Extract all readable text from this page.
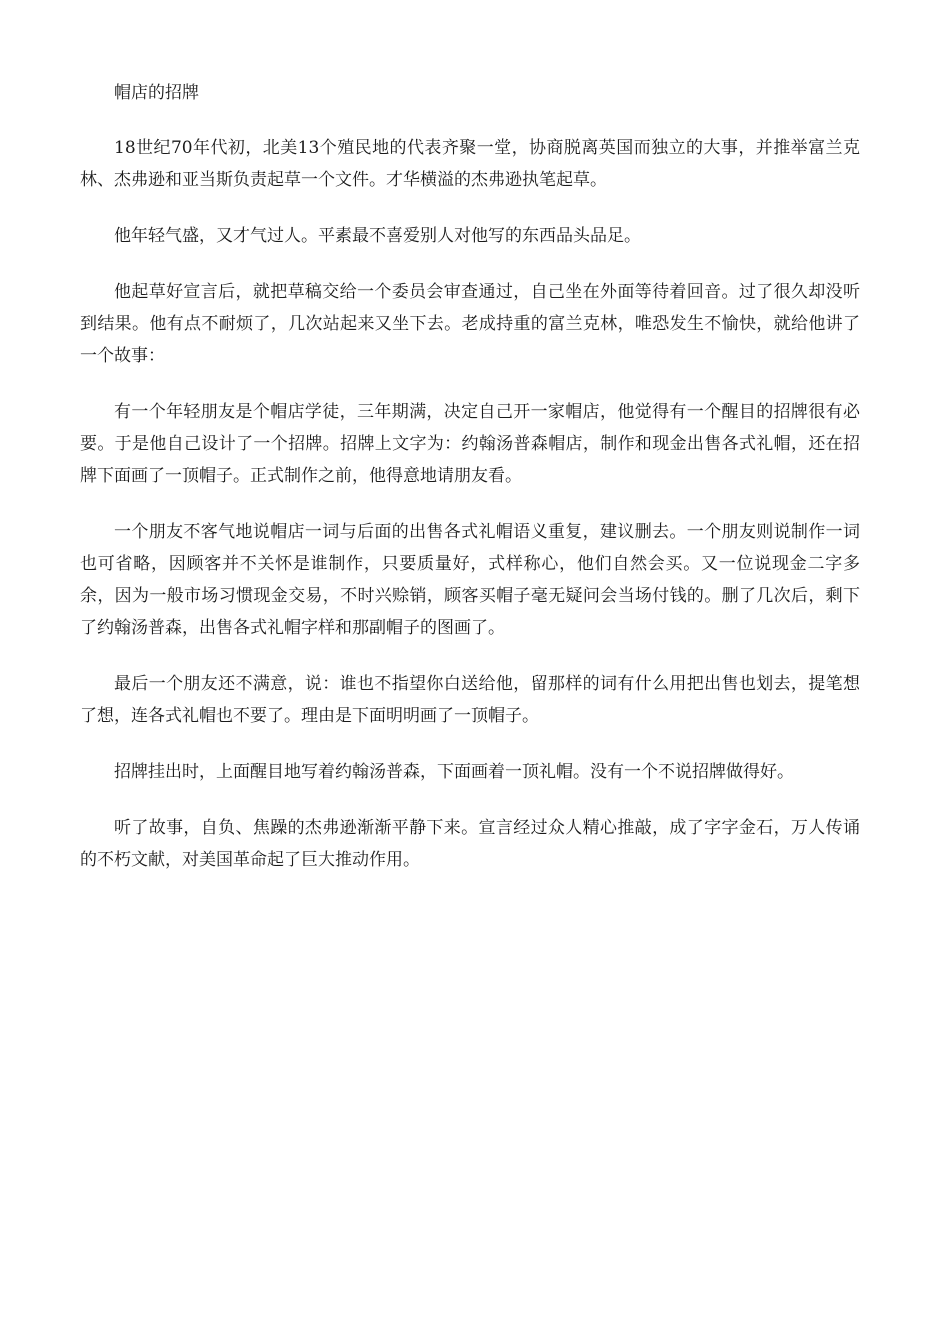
帽店的招牌

18世纪70年代初，北美13个殖民地的代表齐聚一堂，协商脱离英国而独立的大事，并推举富兰克林、杰弗逊和亚当斯负责起草一个文件。才华横溢的杰弗逊执笔起草。

他年轻气盛，又才气过人。平素最不喜爱别人对他写的东西品头品足。

他起草好宣言后，就把草稿交给一个委员会审查通过，自己坐在外面等待着回音。过了很久却没听到结果。他有点不耐烦了，几次站起来又坐下去。老成持重的富兰克林，唯恐发生不愉快，就给他讲了一个故事：

有一个年轻朋友是个帽店学徒，三年期满，决定自己开一家帽店，他觉得有一个醒目的招牌很有必要。于是他自己设计了一个招牌。招牌上文字为：约翰汤普森帽店，制作和现金出售各式礼帽，还在招牌下面画了一顶帽子。正式制作之前，他得意地请朋友看。

一个朋友不客气地说帽店一词与后面的出售各式礼帽语义重复，建议删去。一个朋友则说制作一词也可省略，因顾客并不关怀是谁制作，只要质量好，式样称心，他们自然会买。又一位说现金二字多余，因为一般市场习惯现金交易，不时兴赊销，顾客买帽子毫无疑问会当场付钱的。删了几次后，剩下了约翰汤普森，出售各式礼帽字样和那副帽子的图画了。

最后一个朋友还不满意，说：谁也不指望你白送给他，留那样的词有什么用把出售也划去，提笔想了想，连各式礼帽也不要了。理由是下面明明画了一顶帽子。

招牌挂出时，上面醒目地写着约翰汤普森，下面画着一顶礼帽。没有一个不说招牌做得好。

听了故事，自负、焦躁的杰弗逊渐渐平静下来。宣言经过众人精心推敲，成了字字金石，万人传诵的不朽文献，对美国革命起了巨大推动作用。
